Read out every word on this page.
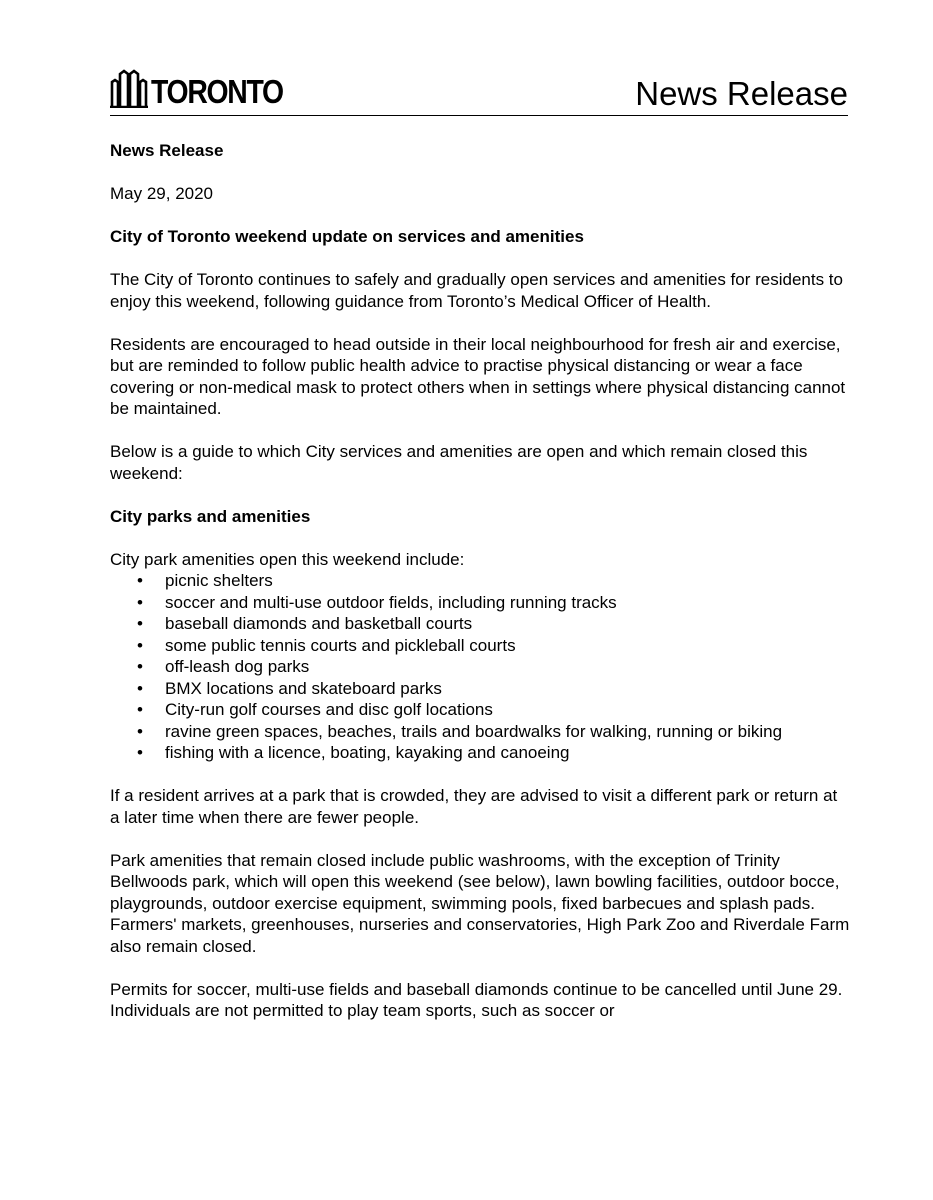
TORONTO	News Release

News Release

May 29, 2020

City of Toronto weekend update on services and amenities

The City of Toronto continues to safely and gradually open services and amenities for residents to enjoy this weekend, following guidance from Toronto’s Medical Officer of Health.

Residents are encouraged to head outside in their local neighbourhood for fresh air and exercise, but are reminded to follow public health advice to practise physical distancing or wear a face covering or non-medical mask to protect others when in settings where physical distancing cannot be maintained.

Below is a guide to which City services and amenities are open and which remain closed this weekend:

City parks and amenities

City park amenities open this weekend include:

• picnic shelters
• soccer and multi-use outdoor fields, including running tracks
• baseball diamonds and basketball courts
• some public tennis courts and pickleball courts
• off-leash dog parks
• BMX locations and skateboard parks
• City-run golf courses and disc golf locations
• ravine green spaces, beaches, trails and boardwalks for walking, running or biking
• fishing with a licence, boating, kayaking and canoeing

If a resident arrives at a park that is crowded, they are advised to visit a different park or return at a later time when there are fewer people.

Park amenities that remain closed include public washrooms, with the exception of Trinity Bellwoods park, which will open this weekend (see below), lawn bowling facilities, outdoor bocce, playgrounds, outdoor exercise equipment, swimming pools, fixed barbecues and splash pads. Farmers' markets, greenhouses, nurseries and conservatories, High Park Zoo and Riverdale Farm also remain closed.

Permits for soccer, multi-use fields and baseball diamonds continue to be cancelled until June 29. Individuals are not permitted to play team sports, such as soccer or
